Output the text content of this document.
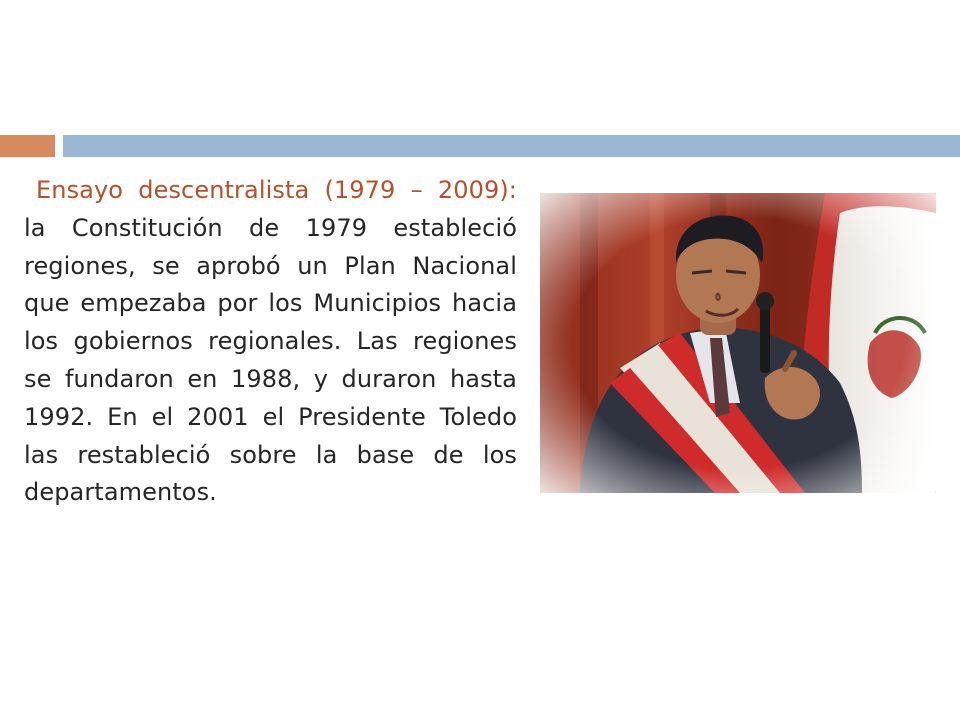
Ensayo descentralista (1979 – 2009): la Constitución de 1979 estableció regiones, se aprobó un Plan Nacional que empezaba por los Municipios hacia los gobiernos regionales. Las regiones se fundaron en 1988, y duraron hasta 1992. En el 2001 el Presidente Toledo las restableció sobre la base de los departamentos.
